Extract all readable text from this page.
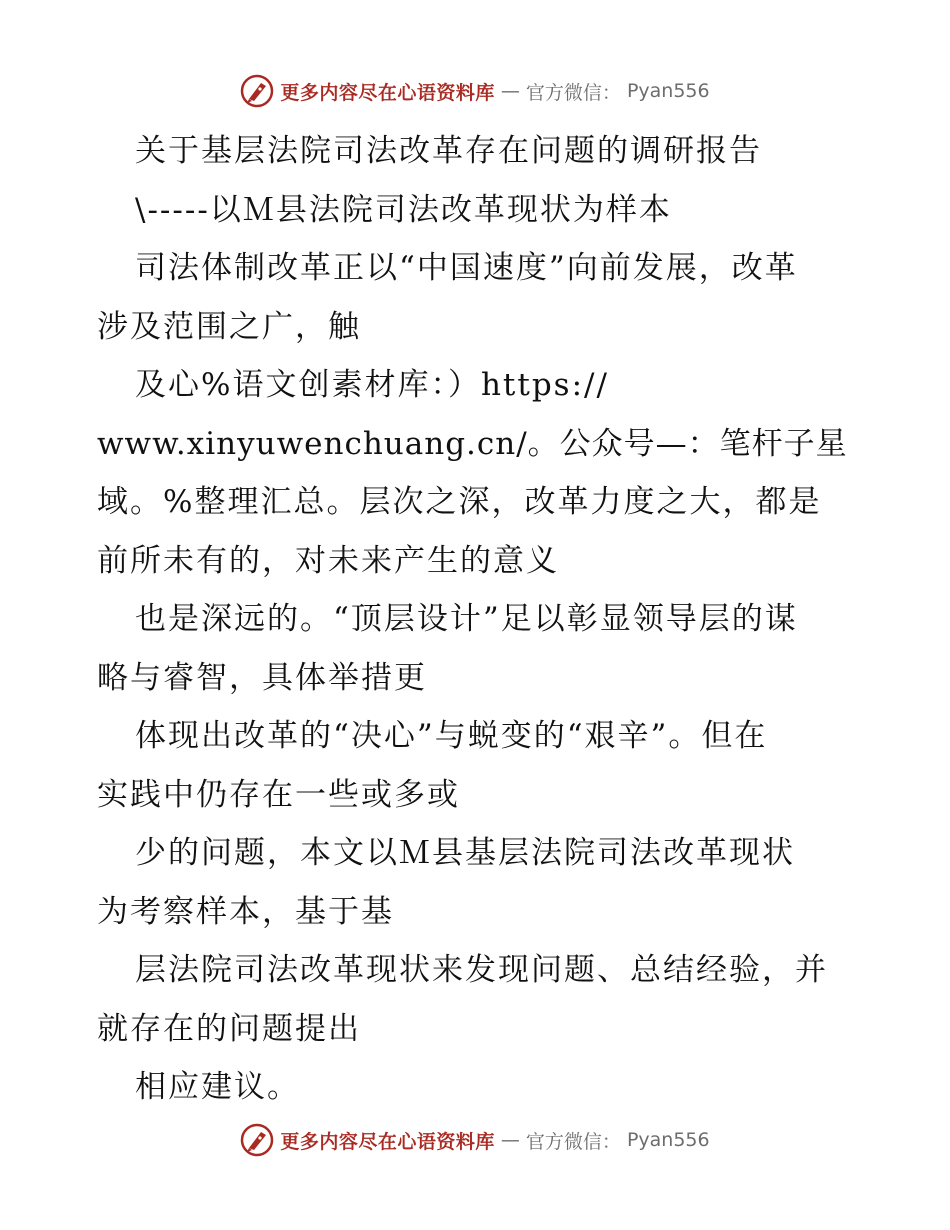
更多内容尽在心语资料库 — 官方微信： Pyan556
关于基层法院司法改革存在问题的调研报告
\-----以Ｍ县法院司法改革现状为样本
司法体制改革正以“中国速度”向前发展，改革
涉及范围之广，触
及心%语文创素材库：）https://
www.xinyuwenchuang.cn/。公众号—：笔杆子星
域。%整理汇总。层次之深，改革力度之大，都是
前所未有的，对未来产生的意义
也是深远的。“顶层设计”足以彰显领导层的谋
略与睿智，具体举措更
体现出改革的“决心”与蜕变的“艰辛”。但在
实践中仍存在一些或多或
少的问题，本文以Ｍ县基层法院司法改革现状
为考察样本，基于基
层法院司法改革现状来发现问题、总结经验，并
就存在的问题提出
相应建议。
更多内容尽在心语资料库 — 官方微信： Pyan556
